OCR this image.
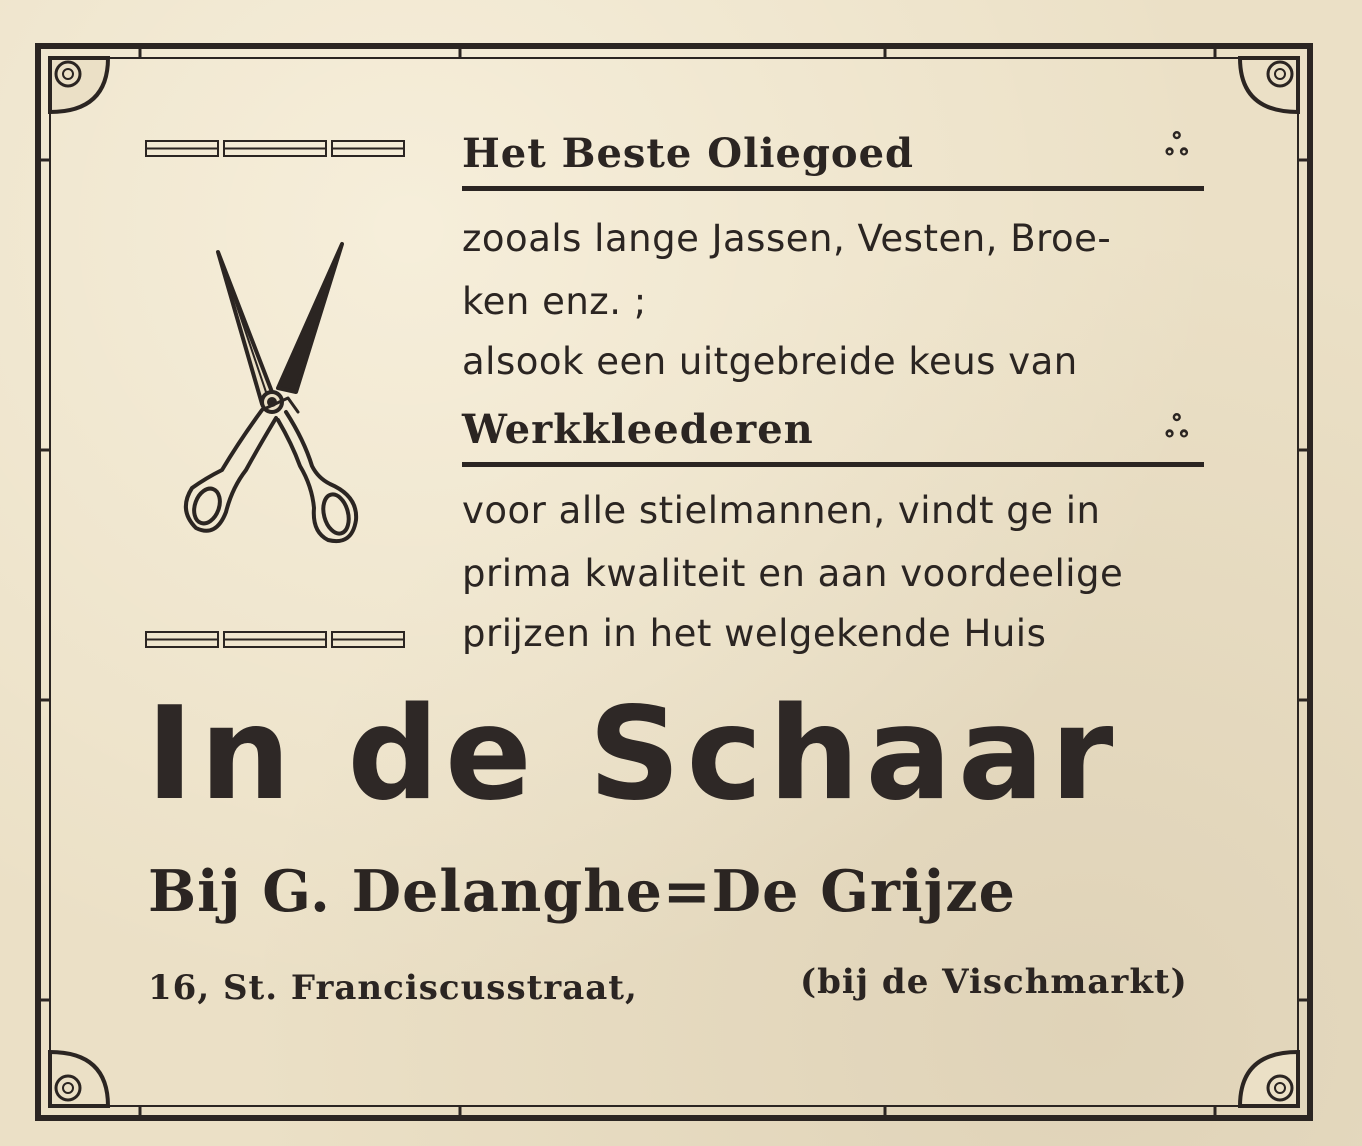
Het Beste Oliegoed	ஃ
zooals lange Jassen, Vesten, Broe-
ken enz. ;
alsook een uitgebreide keus van
Werkkleederen	ஃ
voor alle stielmannen, vindt ge in
prima kwaliteit en aan voordeelige
prijzen in het welgekende Huis
In de Schaar
Bij G. Delanghe=De Grijze
16, St. Franciscusstraat,	(bij de Vischmarkt)
